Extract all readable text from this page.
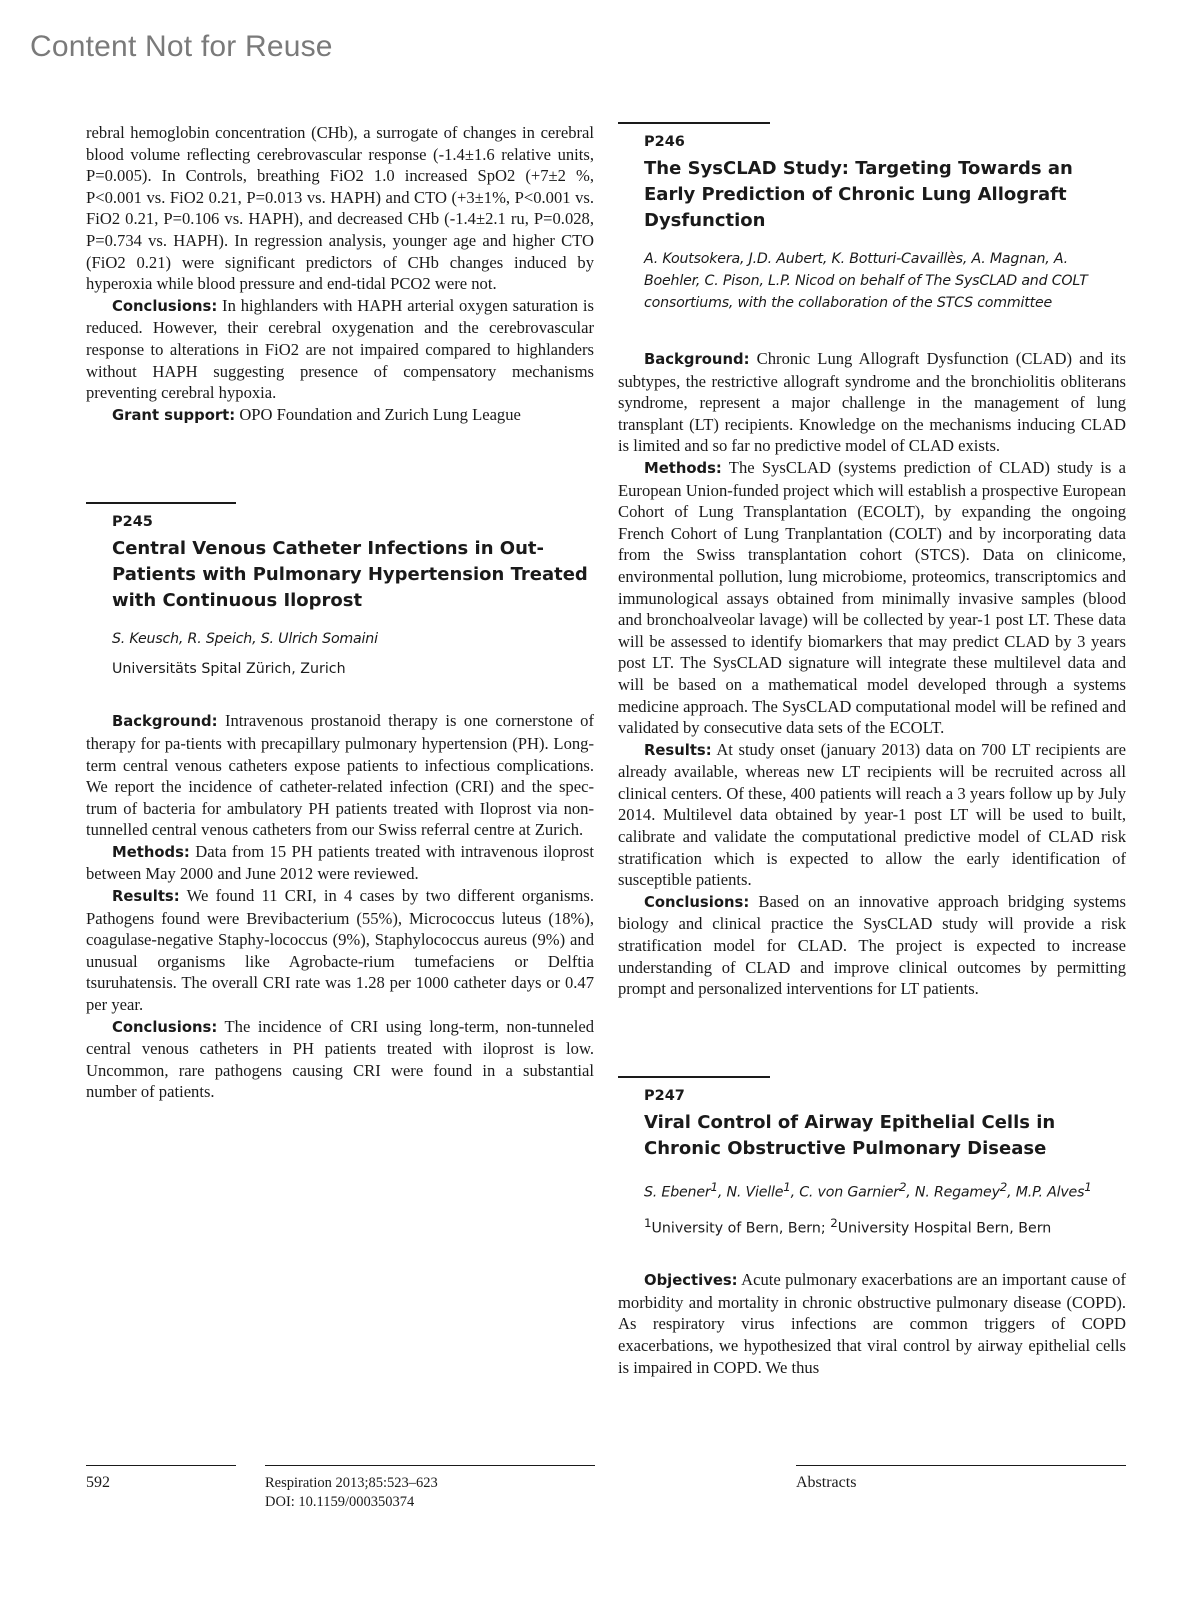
Content Not for Reuse

rebral hemoglobin concentration (CHb), a surrogate of changes in cerebral blood volume reflecting cerebrovascular response (-1.4±1.6 relative units, P=0.005). In Controls, breathing FiO2 1.0 increased SpO2 (+7±2 %, P<0.001 vs. FiO2 0.21, P=0.013 vs. HAPH) and CTO (+3±1%, P<0.001 vs. FiO2 0.21, P=0.106 vs. HAPH), and decreased CHb (-1.4±2.1 ru, P=0.028, P=0.734 vs. HAPH). In regression analysis, younger age and higher CTO (FiO2 0.21) were significant predictors of CHb changes induced by hyperoxia while blood pressure and end-tidal PCO2 were not.

Conclusions: In highlanders with HAPH arterial oxygen saturation is reduced. However, their cerebral oxygenation and the cerebrovascular response to alterations in FiO2 are not impaired compared to highlanders without HAPH suggesting presence of compensatory mechanisms preventing cerebral hypoxia.

Grant support: OPO Foundation and Zurich Lung League

P245
Central Venous Catheter Infections in Out-Patients with Pulmonary Hypertension Treated with Continuous Iloprost
S. Keusch, R. Speich, S. Ulrich Somaini
Universitäts Spital Zürich, Zurich

Background: Intravenous prostanoid therapy is one cornerstone of therapy for pa-tients with precapillary pulmonary hypertension (PH). Long-term central venous catheters expose patients to infectious complications. We report the incidence of catheter-related infection (CRI) and the spec-trum of bacteria for ambulatory PH patients treated with Iloprost via non-tunnelled central venous catheters from our Swiss referral centre at Zurich.

Methods: Data from 15 PH patients treated with intravenous iloprost between May 2000 and June 2012 were reviewed.

Results: We found 11 CRI, in 4 cases by two different organisms. Pathogens found were Brevibacterium (55%), Micrococcus luteus (18%), coagulase-negative Staphy-lococcus (9%), Staphylococcus aureus (9%) and unusual organisms like Agrobacte-rium tumefaciens or Delftia tsuruhatensis. The overall CRI rate was 1.28 per 1000 catheter days or 0.47 per year.

Conclusions: The incidence of CRI using long-term, non-tunneled central venous catheters in PH patients treated with iloprost is low. Uncommon, rare pathogens causing CRI were found in a substantial number of patients.

P246
The SysCLAD Study: Targeting Towards an Early Prediction of Chronic Lung Allograft Dysfunction
A. Koutsokera, J.D. Aubert, K. Botturi-Cavaillès, A. Magnan, A. Boehler, C. Pison, L.P. Nicod on behalf of The SysCLAD and COLT consortiums, with the collaboration of the STCS committee

Background: Chronic Lung Allograft Dysfunction (CLAD) and its subtypes, the restrictive allograft syndrome and the bronchiolitis obliterans syndrome, represent a major challenge in the management of lung transplant (LT) recipients. Knowledge on the mechanisms inducing CLAD is limited and so far no predictive model of CLAD exists.

Methods: The SysCLAD (systems prediction of CLAD) study is a European Union-funded project which will establish a prospective European Cohort of Lung Transplantation (ECOLT), by expanding the ongoing French Cohort of Lung Tranplantation (COLT) and by incorporating data from the Swiss transplantation cohort (STCS). Data on clinicome, environmental pollution, lung microbiome, proteomics, transcriptomics and immunological assays obtained from minimally invasive samples (blood and bronchoalveolar lavage) will be collected by year-1 post LT. These data will be assessed to identify biomarkers that may predict CLAD by 3 years post LT. The SysCLAD signature will integrate these multilevel data and will be based on a mathematical model developed through a systems medicine approach. The SysCLAD computational model will be refined and validated by consecutive data sets of the ECOLT.

Results: At study onset (january 2013) data on 700 LT recipients are already available, whereas new LT recipients will be recruited across all clinical centers. Of these, 400 patients will reach a 3 years follow up by July 2014. Multilevel data obtained by year-1 post LT will be used to built, calibrate and validate the computational predictive model of CLAD risk stratification which is expected to allow the early identification of susceptible patients.

Conclusions: Based on an innovative approach bridging systems biology and clinical practice the SysCLAD study will provide a risk stratification model for CLAD. The project is expected to increase understanding of CLAD and improve clinical outcomes by permitting prompt and personalized interventions for LT patients.

P247
Viral Control of Airway Epithelial Cells in Chronic Obstructive Pulmonary Disease
S. Ebener$^1$, N. Vielle$^1$, C. von Garnier$^2$, N. Regamey$^2$, M.P. Alves$^1$
$^1$University of Bern, Bern; $^2$University Hospital Bern, Bern

Objectives: Acute pulmonary exacerbations are an important cause of morbidity and mortality in chronic obstructive pulmonary disease (COPD). As respiratory virus infections are common triggers of COPD exacerbations, we hypothesized that viral control by airway epithelial cells is impaired in COPD. We thus

592	Respiration 2013;85:523–623
DOI: 10.1159/000350374
Abstracts
